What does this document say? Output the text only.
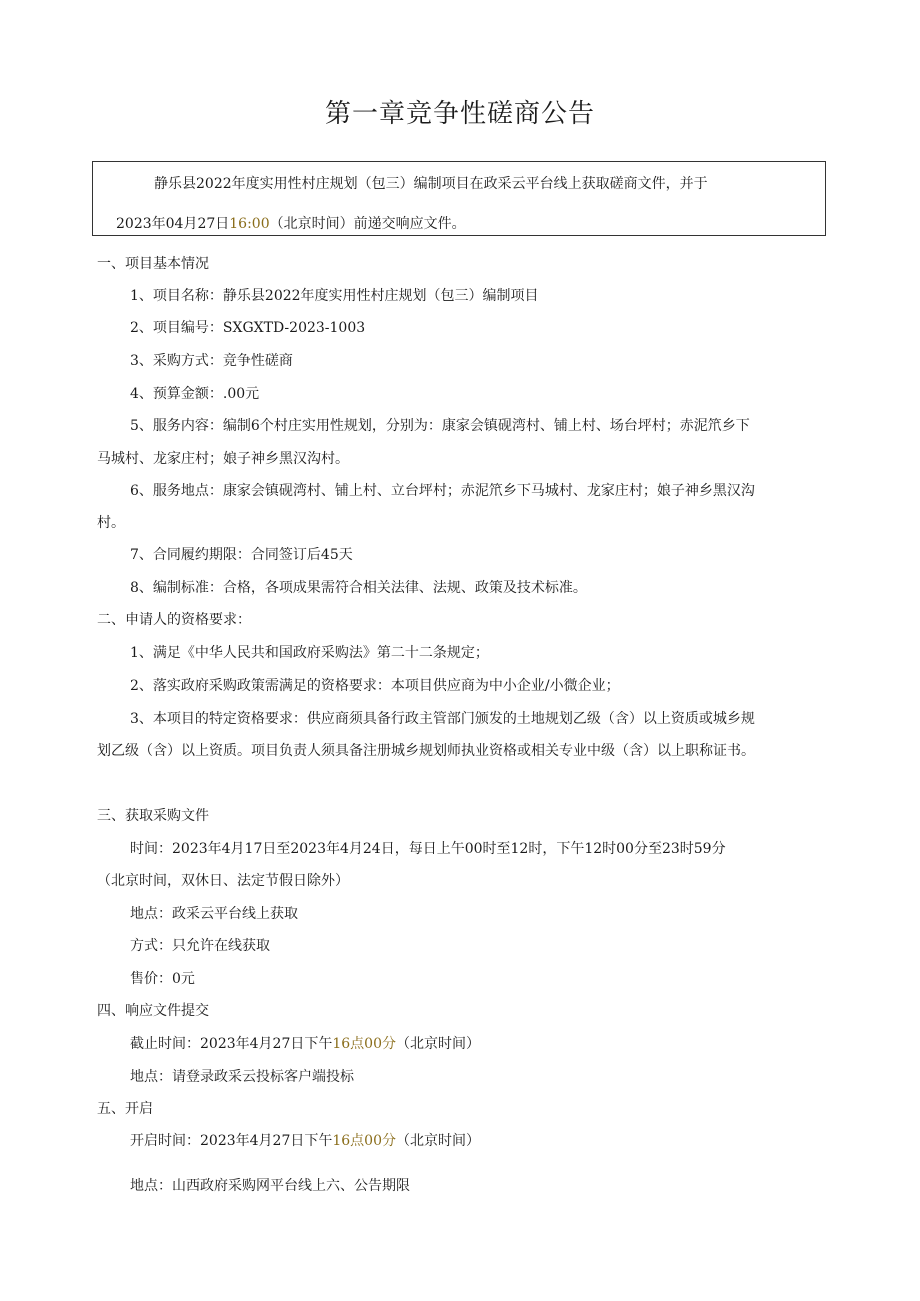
第一章竞争性磋商公告
静乐县2022年度实用性村庄规划（包三）编制项目在政采云平台线上获取磋商文件，并于
2023年04月27日16:00（北京时间）前递交响应文件。
一、项目基本情况
1、项目名称：静乐县2022年度实用性村庄规划（包三）编制项目
2、项目编号：SXGXTD-2023-1003
3、采购方式：竞争性磋商
4、预算金额：.00元
5、服务内容：编制6个村庄实用性规划，分别为：康家会镇砚湾村、铺上村、场台坪村；赤泥笊乡下
马城村、龙家庄村；娘子神乡黑汉沟村。
6、服务地点：康家会镇砚湾村、铺上村、立台坪村；赤泥笊乡下马城村、龙家庄村；娘子神乡黑汉沟
村。
7、合同履约期限：合同签订后45天
8、编制标准：合格，各项成果需符合相关法律、法规、政策及技术标准。
二、申请人的资格要求：
1、满足《中华人民共和国政府采购法》第二十二条规定；
2、落实政府采购政策需满足的资格要求：本项目供应商为中小企业/小微企业；
3、本项目的特定资格要求：供应商须具备行政主管部门颁发的土地规划乙级（含）以上资质或城乡规
划乙级（含）以上资质。项目负责人须具备注册城乡规划师执业资格或相关专业中级（含）以上职称证书。
三、获取采购文件
时间：2023年4月17日至2023年4月24日，每日上午00时至12时，下午12时00分至23时59分
（北京时间，双休日、法定节假日除外）
地点：政采云平台线上获取
方式：只允许在线获取
售价：0元
四、响应文件提交
截止时间：2023年4月27日下午16点00分（北京时间）
地点：请登录政采云投标客户端投标
五、开启
开启时间：2023年4月27日下午16点00分（北京时间）
地点：山西政府采购网平台线上六、公告期限
